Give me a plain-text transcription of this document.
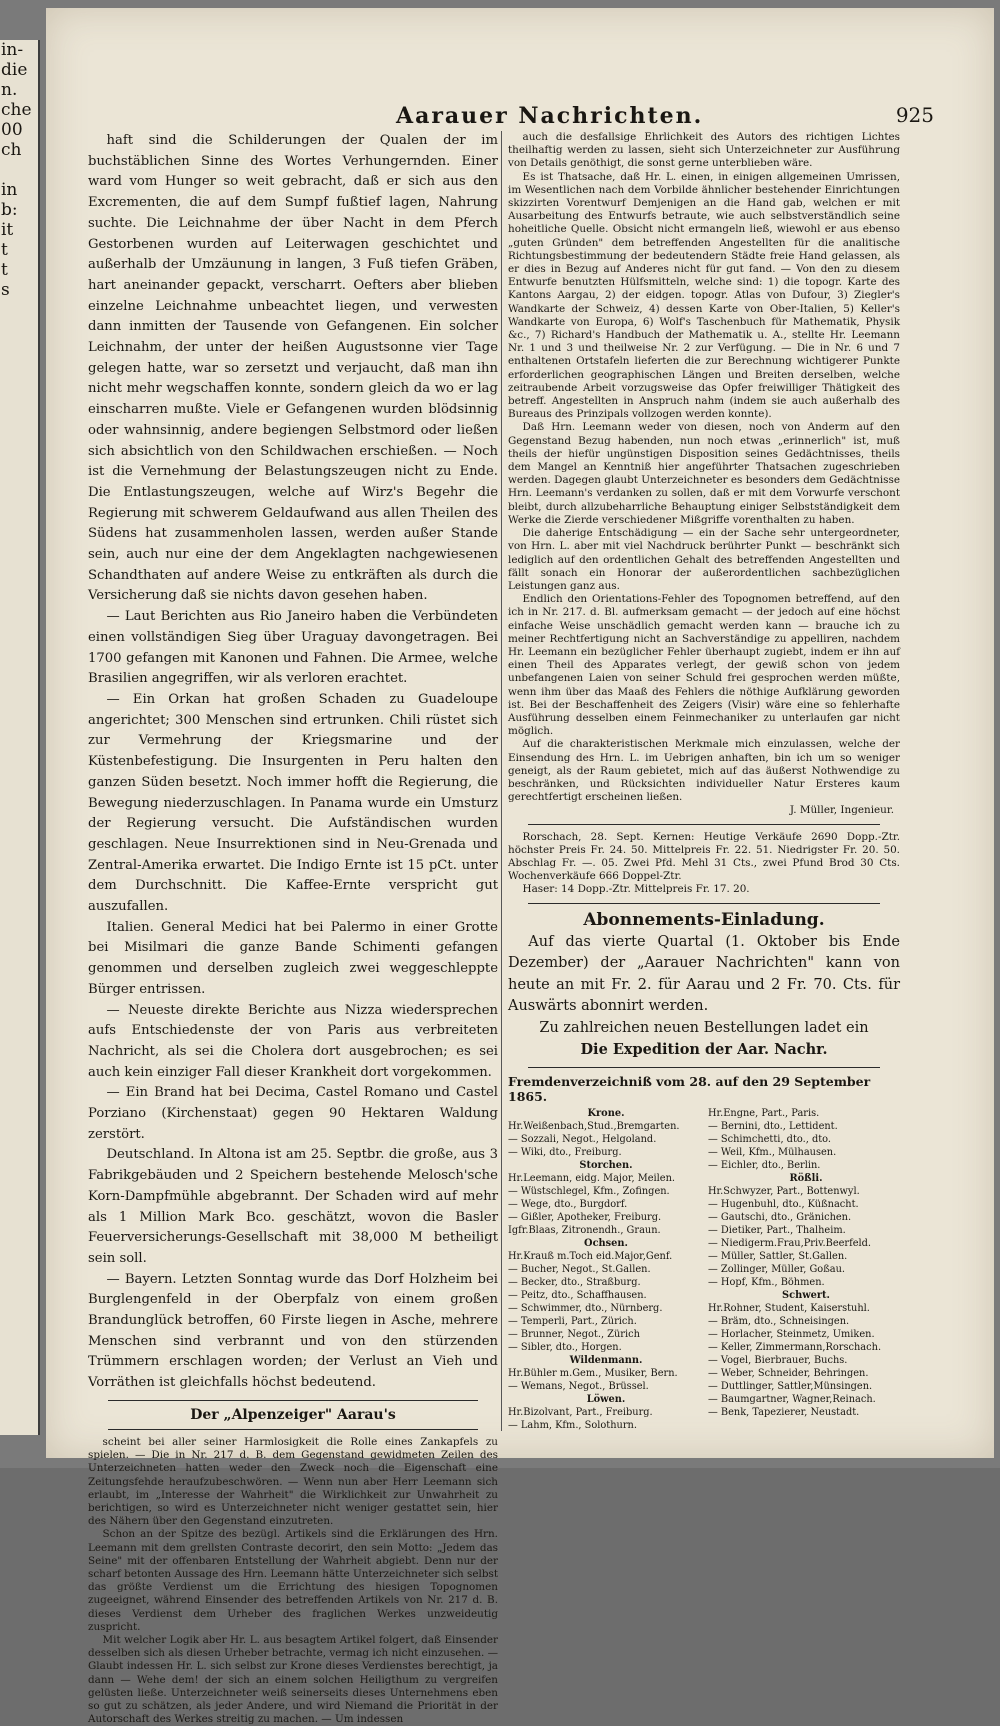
in-
die
n.
che
00
ch

in
b:
it
t
t
s

Aarauer Nachrichten.	925

haft sind die Schilderungen der Qualen der im buchstäblichen Sinne des Wortes Verhungernden. Einer ward vom Hunger so weit gebracht, daß er sich aus den Excrementen, die auf dem Sumpf fußtief lagen, Nahrung suchte. Die Leichnahme der über Nacht in dem Pferch Gestorbenen wurden auf Leiterwagen geschichtet und außerhalb der Umzäunung in langen, 3 Fuß tiefen Gräben, hart aneinander gepackt, verscharrt. Oefters aber blieben einzelne Leichnahme unbeachtet liegen, und verwesten dann inmitten der Tausende von Gefangenen. Ein solcher Leichnahm, der unter der heißen Augustsonne vier Tage gelegen hatte, war so zersetzt und verjaucht, daß man ihn nicht mehr wegschaffen konnte, sondern gleich da wo er lag einscharren mußte. Viele er Gefangenen wurden blödsinnig oder wahnsinnig, andere begiengen Selbstmord oder ließen sich absichtlich von den Schildwachen erschießen. — Noch ist die Vernehmung der Belastungszeugen nicht zu Ende. Die Entlastungszeugen, welche auf Wirz's Begehr die Regierung mit schwerem Geldaufwand aus allen Theilen des Südens hat zusammenholen lassen, werden außer Stande sein, auch nur eine der dem Angeklagten nachgewiesenen Schandthaten auf andere Weise zu entkräften als durch die Versicherung daß sie nichts davon gesehen haben.

— Laut Berichten aus Rio Janeiro haben die Verbündeten einen vollständigen Sieg über Uraguay davongetragen. Bei 1700 gefangen mit Kanonen und Fahnen. Die Armee, welche Brasilien angegriffen, wir als verloren erachtet.

— Ein Orkan hat großen Schaden zu Guadeloupe angerichtet; 300 Menschen sind ertrunken. Chili rüstet sich zur Vermehrung der Kriegsmarine und der Küstenbefestigung. Die Insurgenten in Peru halten den ganzen Süden besetzt. Noch immer hofft die Regierung, die Bewegung niederzuschlagen. In Panama wurde ein Umsturz der Regierung versucht. Die Aufständischen wurden geschlagen. Neue Insurrektionen sind in Neu-Grenada und Zentral-Amerika erwartet. Die Indigo Ernte ist 15 pCt. unter dem Durchschnitt. Die Kaffee-Ernte verspricht gut auszufallen.

Italien. General Medici hat bei Palermo in einer Grotte bei Misilmari die ganze Bande Schimenti gefangen genommen und derselben zugleich zwei weggeschleppte Bürger entrissen.

— Neueste direkte Berichte aus Nizza wiedersprechen aufs Entschiedenste der von Paris aus verbreiteten Nachricht, als sei die Cholera dort ausgebrochen; es sei auch kein einziger Fall dieser Krankheit dort vorgekommen.

— Ein Brand hat bei Decima, Castel Romano und Castel Porziano (Kirchenstaat) gegen 90 Hektaren Waldung zerstört.

Deutschland. In Altona ist am 25. Septbr. die große, aus 3 Fabrikgebäuden und 2 Speichern bestehende Melosch'sche Korn-Dampfmühle abgebrannt. Der Schaden wird auf mehr als 1 Million Mark Bco. geschätzt, wovon die Basler Feuerversicherungs-Gesellschaft mit 38,000 M betheiligt sein soll.

— Bayern. Letzten Sonntag wurde das Dorf Holzheim bei Burglengenfeld in der Oberpfalz von einem großen Brandunglück betroffen, 60 Firste liegen in Asche, mehrere Menschen sind verbrannt und von den stürzenden Trümmern erschlagen worden; der Verlust an Vieh und Vorräthen ist gleichfalls höchst bedeutend.

Der „Alpenzeiger" Aarau's

scheint bei aller seiner Harmlosigkeit die Rolle eines Zankapfels zu spielen. — Die in Nr. 217 d. B. dem Gegenstand gewidmeten Zeilen des Unterzeichneten hatten weder den Zweck noch die Eigenschaft eine Zeitungsfehde heraufzubeschwören. — Wenn nun aber Herr Leemann sich erlaubt, im „Interesse der Wahrheit" die Wirklichkeit zur Unwahrheit zu berichtigen, so wird es Unterzeichneter nicht weniger gestattet sein, hier des Nähern über den Gegenstand einzutreten.

Schon an der Spitze des bezügl. Artikels sind die Erklärungen des Hrn. Leemann mit dem grellsten Contraste decorirt, den sein Motto: „Jedem das Seine" mit der offenbaren Entstellung der Wahrheit abgiebt. Denn nur der scharf betonten Aussage des Hrn. Leemann hätte Unterzeichneter sich selbst das größte Verdienst um die Errichtung des hiesigen Topognomen zugeeignet, während Einsender des betreffenden Artikels von Nr. 217 d. B. dieses Verdienst dem Urheber des fraglichen Werkes unzweideutig zuspricht.

Mit welcher Logik aber Hr. L. aus besagtem Artikel folgert, daß Einsender desselben sich als diesen Urheber betrachte, vermag ich nicht einzusehen. — Glaubt indessen Hr. L. sich selbst zur Krone dieses Verdienstes berechtigt, ja dann — Wehe dem! der sich an einem solchen Heiligthum zu vergreifen gelüsten ließe. Unterzeichneter weiß seinerseits dieses Unternehmens eben so gut zu schätzen, als jeder Andere, und wird Niemand die Priorität in der Autorschaft des Werkes streitig zu machen. — Um indessen

auch die desfallsige Ehrlichkeit des Autors des richtigen Lichtes theilhaftig werden zu lassen, sieht sich Unterzeichneter zur Ausführung von Details genöthigt, die sonst gerne unterblieben wäre.

Es ist Thatsache, daß Hr. L. einen, in einigen allgemeinen Umrissen, im Wesentlichen nach dem Vorbilde ähnlicher bestehender Einrichtungen skizzirten Vorentwurf Demjenigen an die Hand gab, welchen er mit Ausarbeitung des Entwurfs betraute, wie auch selbstverständlich seine hoheitliche Quelle. Obsicht nicht ermangeln ließ, wiewohl er aus ebenso „guten Gründen" dem betreffenden Angestellten für die analitische Richtungsbestimmung der bedeutendern Städte freie Hand gelassen, als er dies in Bezug auf Anderes nicht für gut fand. — Von den zu diesem Entwurfe benutzten Hülfsmitteln, welche sind: 1) die topogr. Karte des Kantons Aargau, 2) der eidgen. topogr. Atlas von Dufour, 3) Ziegler's Wandkarte der Schweiz, 4) dessen Karte von Ober-Italien, 5) Keller's Wandkarte von Europa, 6) Wolf's Taschenbuch für Mathematik, Physik &c., 7) Richard's Handbuch der Mathematik u. A., stellte Hr. Leemann Nr. 1 und 3 und theilweise Nr. 2 zur Verfügung. — Die in Nr. 6 und 7 enthaltenen Ortstafeln lieferten die zur Berechnung wichtigerer Punkte erforderlichen geographischen Längen und Breiten derselben, welche zeitraubende Arbeit vorzugsweise das Opfer freiwilliger Thätigkeit des betreff. Angestellten in Anspruch nahm (indem sie auch außerhalb des Bureaus des Prinzipals vollzogen werden konnte).

Daß Hrn. Leemann weder von diesen, noch von Anderm auf den Gegenstand Bezug habenden, nun noch etwas „erinnerlich" ist, muß theils der hiefür ungünstigen Disposition seines Gedächtnisses, theils dem Mangel an Kenntniß hier angeführter Thatsachen zugeschrieben werden. Dagegen glaubt Unterzeichneter es besonders dem Gedächtnisse Hrn. Leemann's verdanken zu sollen, daß er mit dem Vorwurfe verschont bleibt, durch allzubeharrliche Behauptung einiger Selbstständigkeit dem Werke die Zierde verschiedener Mißgriffe vorenthalten zu haben.

Die daherige Entschädigung — ein der Sache sehr untergeordneter, von Hrn. L. aber mit viel Nachdruck berührter Punkt — beschränkt sich lediglich auf den ordentlichen Gehalt des betreffenden Angestellten und fällt sonach ein Honorar der außerordentlichen sachbezüglichen Leistungen ganz aus.

Endlich den Orientations-Fehler des Topognomen betreffend, auf den ich in Nr. 217. d. Bl. aufmerksam gemacht — der jedoch auf eine höchst einfache Weise unschädlich gemacht werden kann — brauche ich zu meiner Rechtfertigung nicht an Sachverständige zu appelliren, nachdem Hr. Leemann ein bezüglicher Fehler überhaupt zugiebt, indem er ihn auf einen Theil des Apparates verlegt, der gewiß schon von jedem unbefangenen Laien von seiner Schuld frei gesprochen werden müßte, wenn ihm über das Maaß des Fehlers die nöthige Aufklärung geworden ist. Bei der Beschaffenheit des Zeigers (Visir) wäre eine so fehlerhafte Ausführung desselben einem Feinmechaniker zu unterlaufen gar nicht möglich.

Auf die charakteristischen Merkmale mich einzulassen, welche der Einsendung des Hrn. L. im Uebrigen anhaften, bin ich um so weniger geneigt, als der Raum gebietet, mich auf das äußerst Nothwendige zu beschränken, und Rücksichten individueller Natur Ersteres kaum gerechtfertigt erscheinen ließen.

J. Müller, Ingenieur.

Rorschach, 28. Sept. Kernen: Heutige Verkäufe 2690 Dopp.-Ztr. höchster Preis Fr. 24. 50. Mittelpreis Fr. 22. 51. Niedrigster Fr. 20. 50. Abschlag Fr. —. 05. Zwei Pfd. Mehl 31 Cts., zwei Pfund Brod 30 Cts. Wochenverkäufe 666 Doppel-Ztr.

Haser: 14 Dopp.-Ztr. Mittelpreis Fr. 17. 20.

Abonnements-Einladung.

Auf das vierte Quartal (1. Oktober bis Ende Dezember) der „Aarauer Nachrichten" kann von heute an mit Fr. 2. für Aarau und 2 Fr. 70. Cts. für Auswärts abonnirt werden.

Zu zahlreichen neuen Bestellungen ladet ein

Die Expedition der Aar. Nachr.

Fremdenverzeichniß vom 28. auf den 29 September 1865.
Krone.
Hr.Weißenbach,Stud.,Bremgarten.
— Sozzali, Negot., Helgoland.
— Wiki, dto., Freiburg.
Storchen.
Hr.Leemann, eidg. Major, Meilen.
— Wüstschlegel, Kfm., Zofingen.
— Wege, dto., Burgdorf.
— Gißler, Apotheker, Freiburg.
Igfr.Blaas, Zitronendh., Graun.
Ochsen.
Hr.Krauß m.Toch eid.Major,Genf.
— Bucher, Negot., St.Gallen.
— Becker, dto., Straßburg.
— Peitz, dto., Schaffhausen.
— Schwimmer, dto., Nürnberg.
— Temperli, Part., Zürich.
— Brunner, Negot., Zürich
— Sibler, dto., Horgen.
Wildenmann.
Hr.Bühler m.Gem., Musiker, Bern.
— Wemans, Negot., Brüssel.
Löwen.
Hr.Bizolvant, Part., Freiburg.
— Lahm, Kfm., Solothurn.
Hr.Engne, Part., Paris.
— Bernini, dto., Lettident.
— Schimchetti, dto., dto.
— Weil, Kfm., Mülhausen.
— Eichler, dto., Berlin.
Rößli.
Hr.Schwyzer, Part., Bottenwyl.
— Hugenbuhl, dto., Küßnacht.
— Gautschi, dto., Gränichen.
— Dietiker, Part., Thalheim.
— Niedigerm.Frau,Priv.Beerfeld.
— Müller, Sattler, St.Gallen.
— Zollinger, Müller, Goßau.
— Hopf, Kfm., Böhmen.
Schwert.
Hr.Rohner, Student, Kaiserstuhl.
— Bräm, dto., Schneisingen.
— Horlacher, Steinmetz, Umiken.
— Keller, Zimmermann,Rorschach.
— Vogel, Bierbrauer, Buchs.
— Weber, Schneider, Behringen.
— Duttlinger, Sattler,Münsingen.
— Baumgartner, Wagner,Reinach.
— Benk, Tapezierer, Neustadt.
